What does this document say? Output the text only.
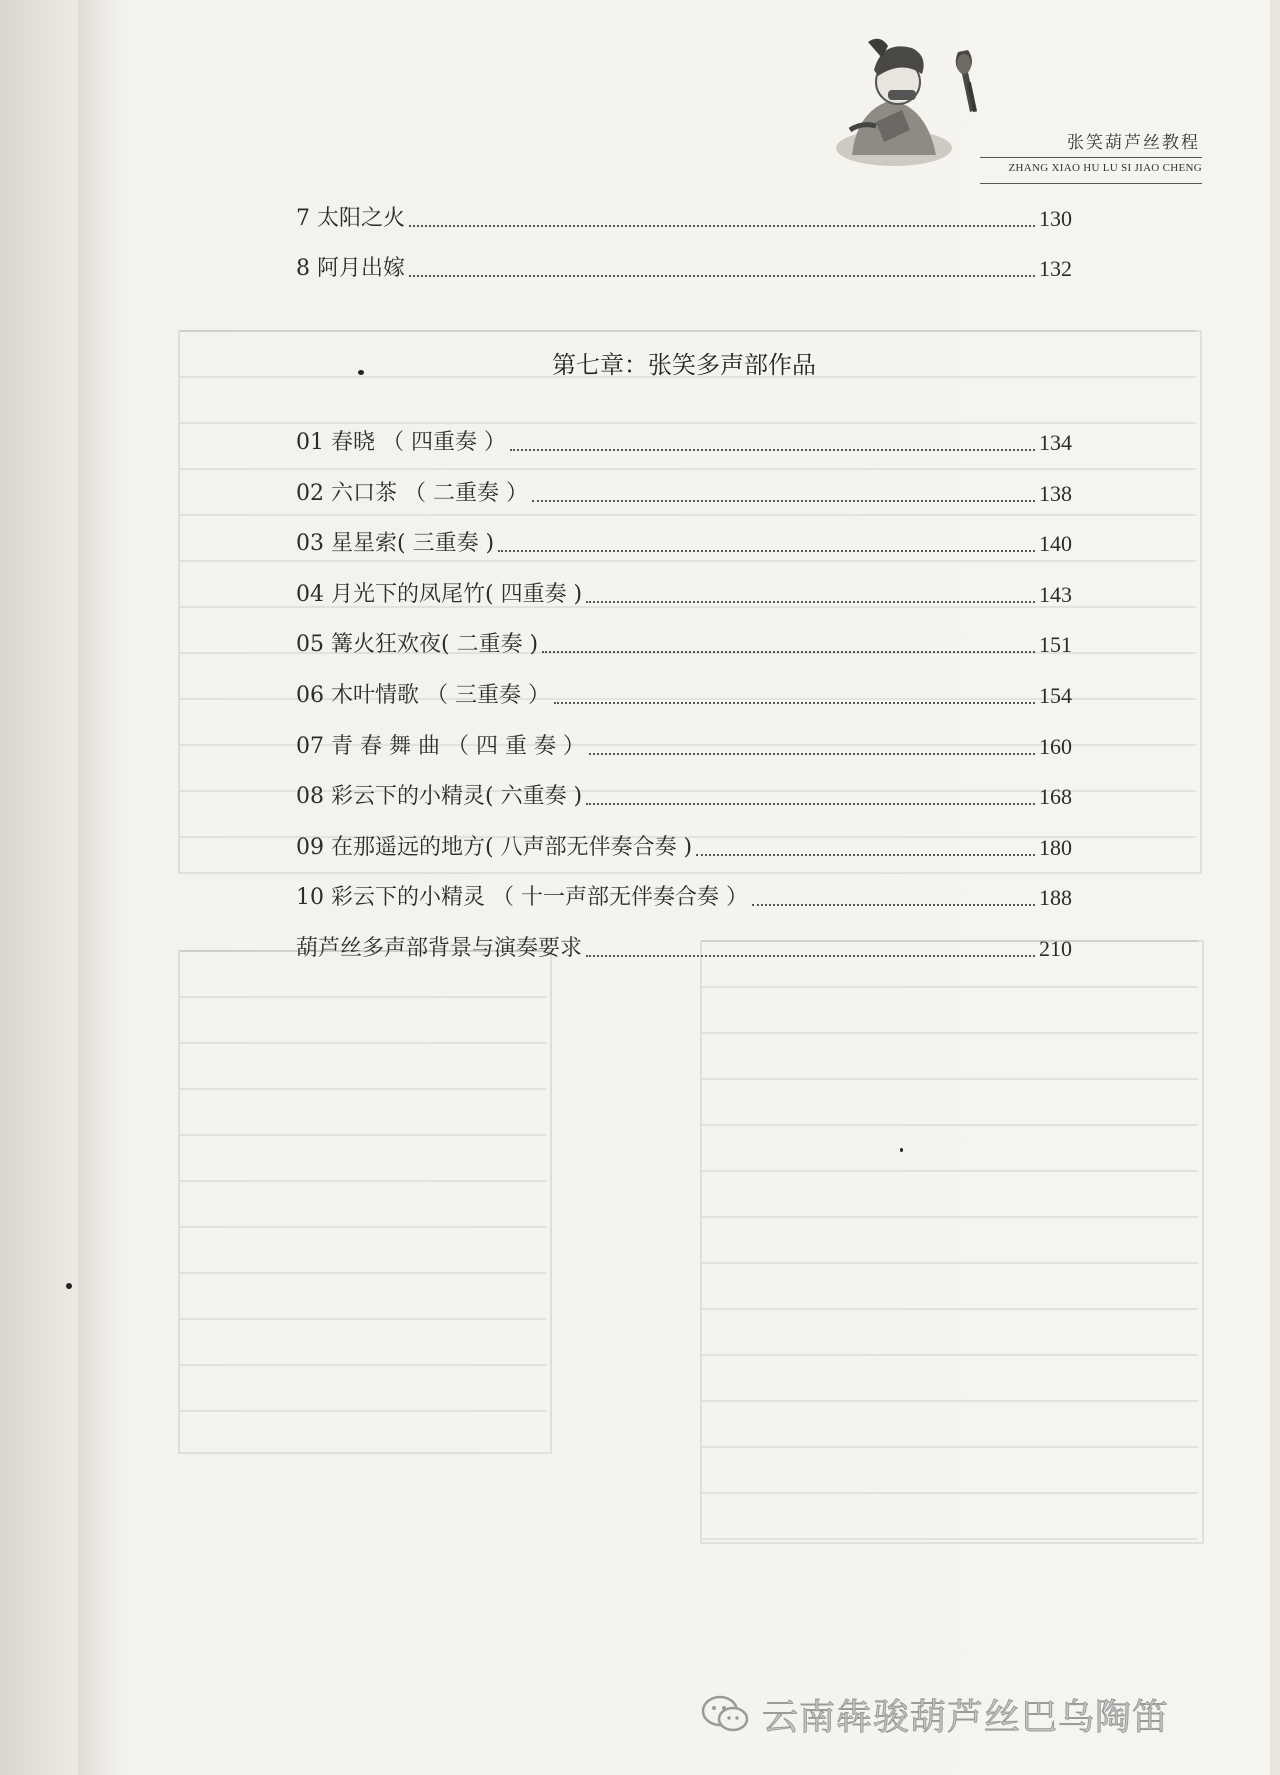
张笑葫芦丝教程
ZHANG XIAO HU LU SI JIAO CHENG
7 太阳之火	130
8 阿月出嫁	132
第七章：张笑多声部作品
01 春晓 （ 四重奏 ）	134
02 六口茶 （ 二重奏 ）	138
03 星星索( 三重奏 )	140
04 月光下的凤尾竹( 四重奏 )	143
05 篝火狂欢夜( 二重奏 )	151
06 木叶情歌 （ 三重奏 ）	154
07 青 春 舞 曲 （ 四 重 奏 ）	160
08 彩云下的小精灵( 六重奏 )	168
09 在那遥远的地方( 八声部无伴奏合奏 )	180
10 彩云下的小精灵 （ 十一声部无伴奏合奏 ）	188
葫芦丝多声部背景与演奏要求	210
云南犇骏葫芦丝巴乌陶笛
